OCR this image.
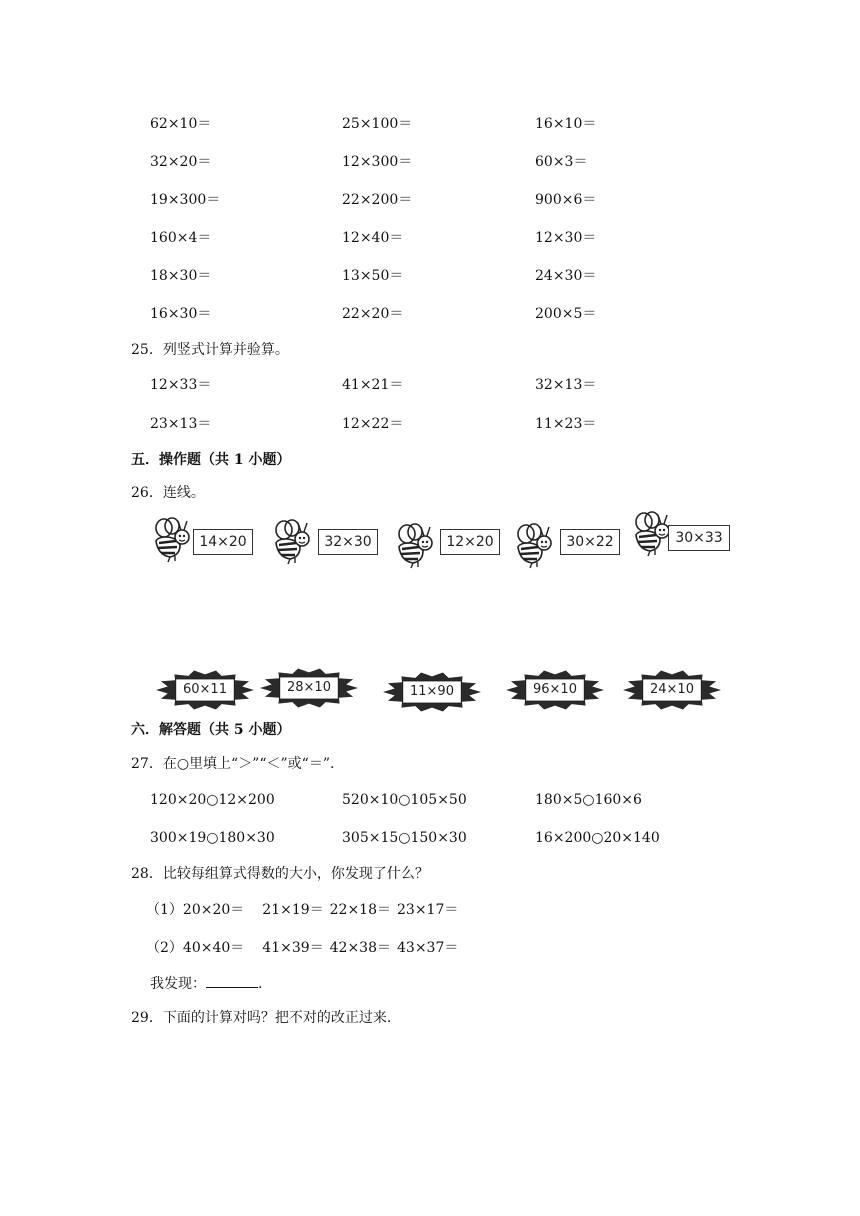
62×10＝	25×100＝	16×10＝
32×20＝	12×300＝	60×3＝
19×300＝	22×200＝	900×6＝
160×4＝	12×40＝	12×30＝
18×30＝	13×50＝	24×30＝
16×30＝	22×20＝	200×5＝
25．列竖式计算并验算。
12×33＝	41×21＝	32×13＝
23×13＝	12×22＝	11×23＝
五．操作题（共 1 小题）
26．连线。
14×20	32×30	12×20	30×22	30×33
60×11	28×10	11×90	96×10	24×10
六．解答题（共 5 小题）
27．在○里填上“＞”“＜”或“＝”.
120×20○12×200	520×10○105×50	180×5○160×6
300×19○180×30	305×15○150×30	16×200○20×140
28．比较每组算式得数的大小，你发现了什么？
（1）20×20＝ 21×19＝ 22×18＝ 23×17＝
（2）40×40＝ 41×39＝ 42×38＝ 43×37＝
我发现：	.
29．下面的计算对吗？把不对的改正过来.
